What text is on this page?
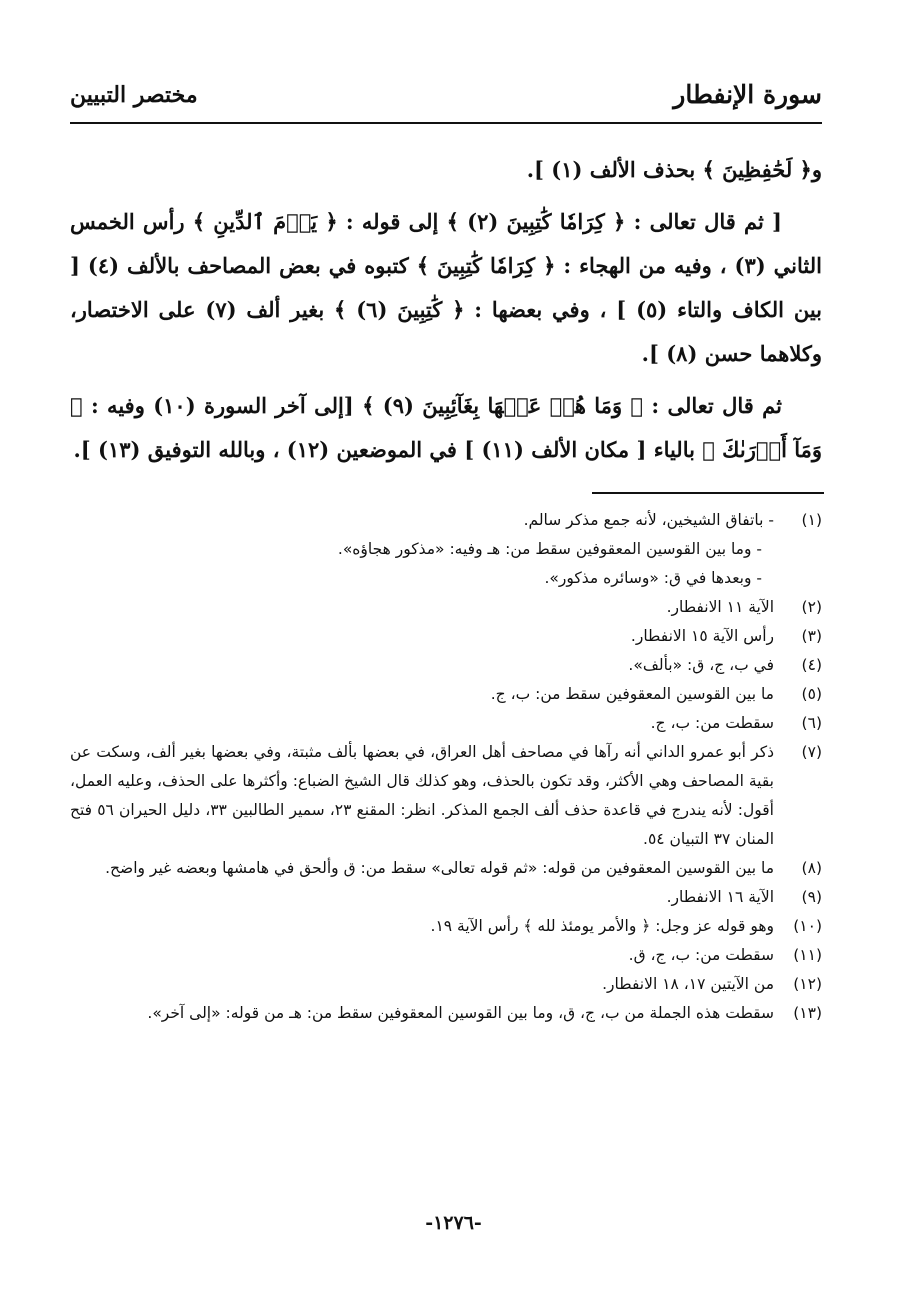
سورة الإنفطار
مختصر التبيين

و﴿ لَحَٰفِظِينَ ﴾ بحذف الألف (١) ].

[ ثم قال تعالى : ﴿ كِرَامٗا كَٰتِبِينَ (٢) ﴾ إلى قوله : ﴿ يَوۡمَ ٱلدِّينِ ﴾ رأس الخمس الثاني (٣) ، وفيه من الهجاء : ﴿ كِرَامٗا كَٰتِبِينَ ﴾ كتبوه في بعض المصاحف بالألف (٤) [ بين الكاف والتاء (٥) ] ، وفي بعضها : ﴿ كَٰتِبِينَ (٦) ﴾ بغير ألف (٧) على الاختصار، وكلاهما حسن (٨) ].

ثم قال تعالى : ﴿ وَمَا هُمۡ عَنۡهَا بِغَآئِبِينَ (٩) ﴾ [إلى آخر السورة (١٠) وفيه : ﴿ وَمَآ أَدۡرَىٰكَ ﴾ بالياء [ مكان الألف (١١) ] في الموضعين (١٢) ، وبالله التوفيق (١٣) ].

(١)
- باتفاق الشيخين، لأنه جمع مذكر سالم.
- وما بين القوسين المعقوفين سقط من: هـ وفيه: «مذكور هجاؤه».
- وبعدها في ق: «وسائره مذكور».
(٢)
الآية ١١ الانفطار.
(٣)
رأس الآية ١٥ الانفطار.
(٤)
في ب، ج، ق: «بألف».
(٥)
ما بين القوسين المعقوفين سقط من: ب، ج.
(٦)
سقطت من: ب، ج.
(٧)
ذكر أبو عمرو الداني أنه رآها في مصاحف أهل العراق، في بعضها بألف مثبتة، وفي بعضها بغير ألف، وسكت عن بقية المصاحف وهي الأكثر، وقد تكون بالحذف، وهو كذلك قال الشيخ الضباع: وأكثرها على الحذف، وعليه العمل، أقول: لأنه يندرج في قاعدة حذف ألف الجمع المذكر. انظر: المقنع ٢٣، سمير الطالبين ٣٣، دليل الحيران ٥٦ فتح المنان ٣٧ التبيان ٥٤.
(٨)
ما بين القوسين المعقوفين من قوله: «ثم قوله تعالى» سقط من: ق وألحق في هامشها وبعضه غير واضح.
(٩)
الآية ١٦ الانفطار.
(١٠)
وهو قوله عز وجل: ﴿ والأمر يومئذ لله ﴾ رأس الآية ١٩.
(١١)
سقطت من: ب، ج، ق.
(١٢)
من الآيتين ١٧، ١٨ الانفطار.
(١٣)
سقطت هذه الجملة من ب، ج، ق، وما بين القوسين المعقوفين سقط من: هـ من قوله: «إلى آخر».
-١٢٧٦-
